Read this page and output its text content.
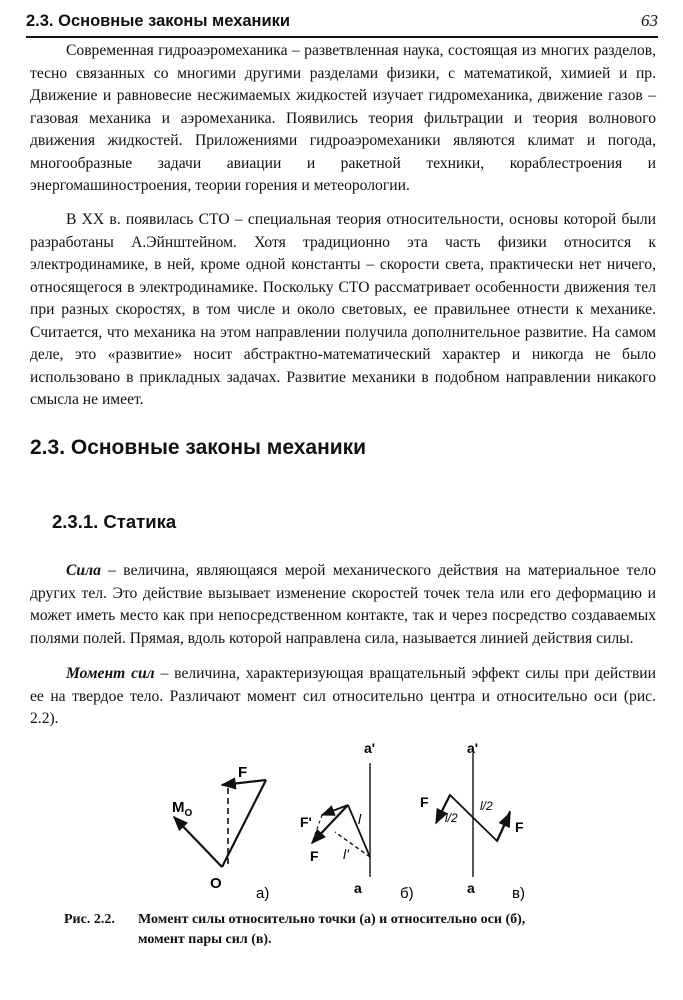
2.3. Основные законы механики	63

Современная гидроаэромеханика – разветвленная наука, состоящая из многих разделов, тесно связанных со многими другими разделами физики, с математикой, химией и пр. Движение и равновесие несжимаемых жидкостей изучает гидромеханика, движение газов – газовая механика и аэромеханика. Появились теория фильтрации и теория волнового движения жидкостей. Приложениями гидроаэромеханики являются климат и погода, многообразные задачи авиации и ракетной техники, кораблестроения и энергомашиностроения, теории горения и метеорологии.

В XX в. появилась СТО – специальная теория относительности, основы которой были разработаны А.Эйнштейном. Хотя традиционно эта часть физики относится к электродинамике, в ней, кроме одной константы – скорости света, практически нет ничего, относящегося в электродинамике. Поскольку СТО рассматривает особенности движения тел при разных скоростях, в том числе и около световых, ее правильнее отнести к механике. Считается, что механика на этом направлении получила дополнительное развитие. На самом деле, это «развитие» носит абстрактно-математический характер и никогда не было использовано в прикладных задачах. Развитие механики в подобном направлении никакого смысла не имеет.

2.3. Основные законы механики
2.3.1. Статика

Сила – величина, являющаяся мерой механического действия на материальное тело других тел. Это действие вызывает изменение скоростей точек тела или его деформацию и может иметь место как при непосредственном контакте, так и через посредство создаваемых полями полей. Прямая, вдоль которой направлена сила, называется линией действия силы.

Момент сил – величина, характеризующая вращательный эффект силы при действии ее на твердое тело. Различают момент сил относительно центра и относительно оси (рис. 2.2).

F
$M_O$
O
а)
a'
F'
F
l
l'
a	б)
a'
F
F
l/2
l/2
a в)
Рис. 2.2. Момент силы относительно точки (а) и относительно оси (б),
момент пары сил (в).
